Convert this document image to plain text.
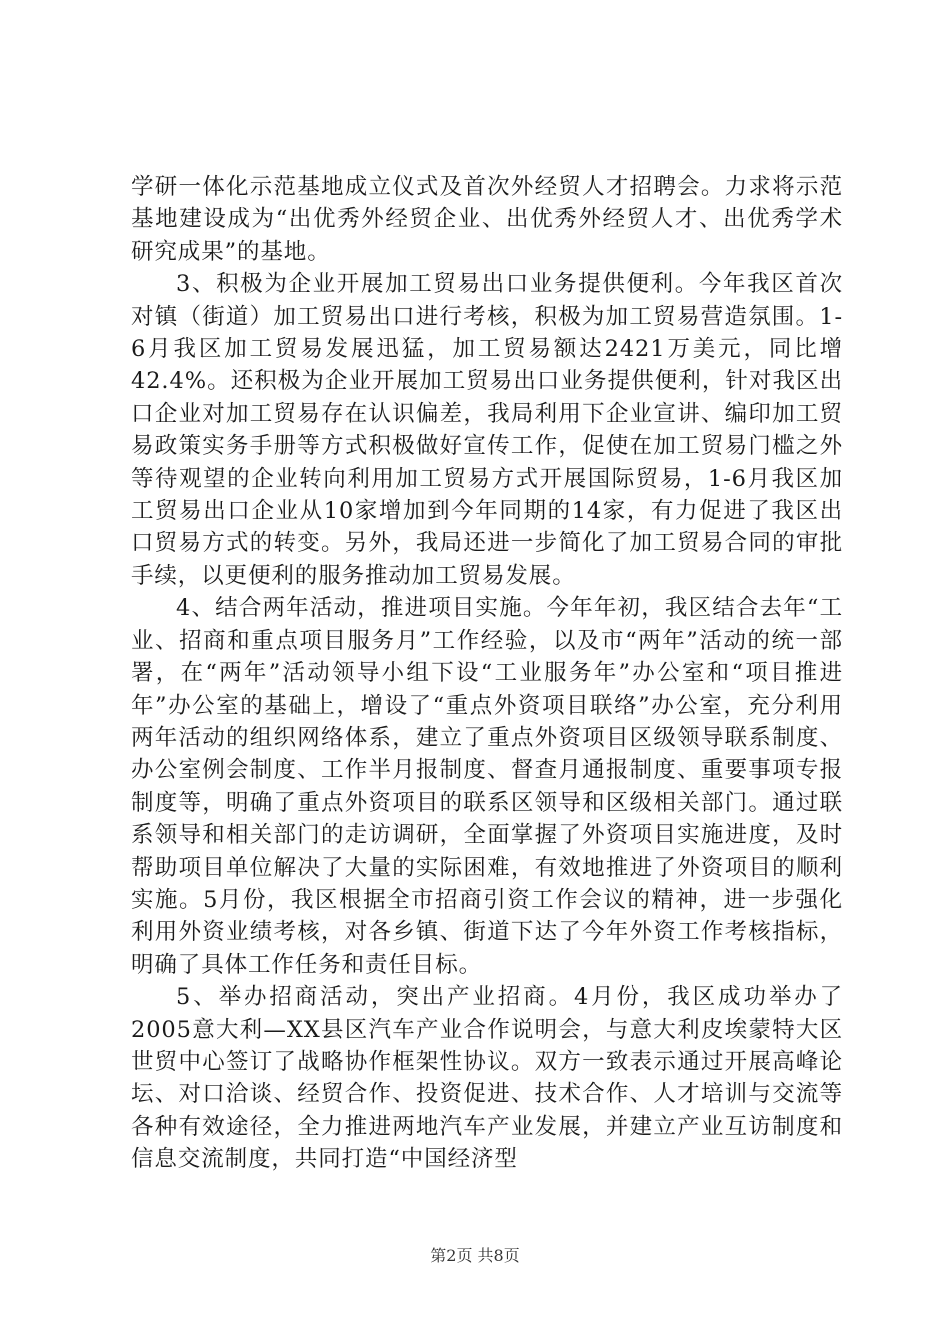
学研一体化示范基地成立仪式及首次外经贸人才招聘会。力求将示范基地建设成为“出优秀外经贸企业、出优秀外经贸人才、出优秀学术研究成果”的基地。

3、积极为企业开展加工贸易出口业务提供便利。今年我区首次对镇（街道）加工贸易出口进行考核，积极为加工贸易营造氛围。1-6月我区加工贸易发展迅猛，加工贸易额达2421万美元，同比增42.4%。还积极为企业开展加工贸易出口业务提供便利，针对我区出口企业对加工贸易存在认识偏差，我局利用下企业宣讲、编印加工贸易政策实务手册等方式积极做好宣传工作，促使在加工贸易门槛之外等待观望的企业转向利用加工贸易方式开展国际贸易，1-6月我区加工贸易出口企业从10家增加到今年同期的14家，有力促进了我区出口贸易方式的转变。另外，我局还进一步简化了加工贸易合同的审批手续，以更便利的服务推动加工贸易发展。

4、结合两年活动，推进项目实施。今年年初，我区结合去年“工业、招商和重点项目服务月”工作经验，以及市“两年”活动的统一部署，在“两年”活动领导小组下设“工业服务年”办公室和“项目推进年”办公室的基础上，增设了“重点外资项目联络”办公室，充分利用两年活动的组织网络体系，建立了重点外资项目区级领导联系制度、办公室例会制度、工作半月报制度、督查月通报制度、重要事项专报制度等，明确了重点外资项目的联系区领导和区级相关部门。通过联系领导和相关部门的走访调研，全面掌握了外资项目实施进度，及时帮助项目单位解决了大量的实际困难，有效地推进了外资项目的顺利实施。5月份，我区根据全市招商引资工作会议的精神，进一步强化利用外资业绩考核，对各乡镇、街道下达了今年外资工作考核指标，明确了具体工作任务和责任目标。

5、举办招商活动，突出产业招商。4月份，我区成功举办了2005意大利—XX县区汽车产业合作说明会，与意大利皮埃蒙特大区世贸中心签订了战略协作框架性协议。双方一致表示通过开展高峰论坛、对口洽谈、经贸合作、投资促进、技术合作、人才培训与交流等各种有效途径，全力推进两地汽车产业发展，并建立产业互访制度和信息交流制度，共同打造“中国经济型

第2页 共8页
